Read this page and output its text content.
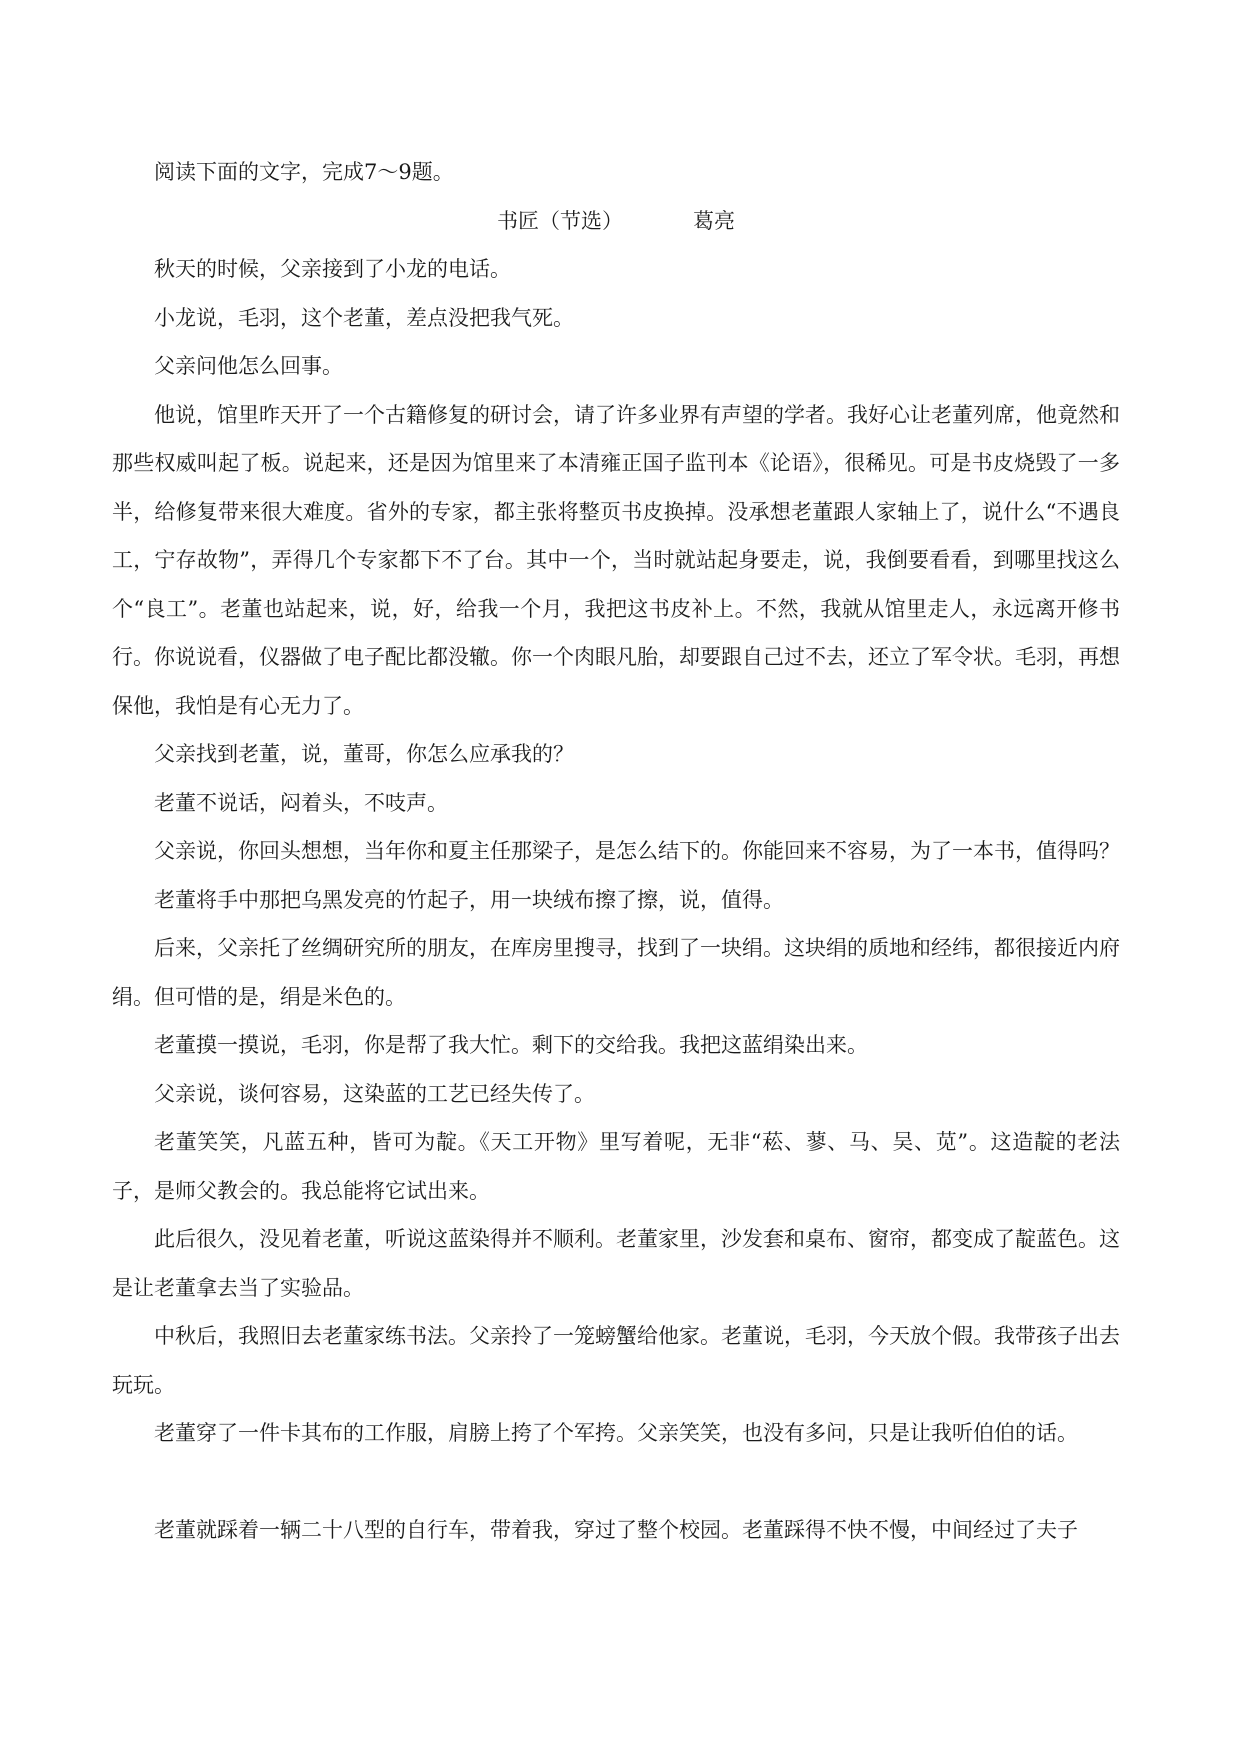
阅读下面的文字，完成7～9题。

书匠（节选）	葛亮

秋天的时候，父亲接到了小龙的电话。

小龙说，毛羽，这个老董，差点没把我气死。

父亲问他怎么回事。

他说，馆里昨天开了一个古籍修复的研讨会，请了许多业界有声望的学者。我好心让老董列席，他竟然和那些权威叫起了板。说起来，还是因为馆里来了本清雍正国子监刊本《论语》，很稀见。可是书皮烧毁了一多半，给修复带来很大难度。省外的专家，都主张将整页书皮换掉。没承想老董跟人家轴上了，说什么“不遇良工，宁存故物”，弄得几个专家都下不了台。其中一个，当时就站起身要走，说，我倒要看看，到哪里找这么个“良工”。老董也站起来，说，好，给我一个月，我把这书皮补上。不然，我就从馆里走人，永远离开修书行。你说说看，仪器做了电子配比都没辙。你一个肉眼凡胎，却要跟自己过不去，还立了军令状。毛羽，再想保他，我怕是有心无力了。

父亲找到老董，说，董哥，你怎么应承我的？

老董不说话，闷着头，不吱声。

父亲说，你回头想想，当年你和夏主任那梁子，是怎么结下的。你能回来不容易，为了一本书，值得吗？

老董将手中那把乌黑发亮的竹起子，用一块绒布擦了擦，说，值得。

后来，父亲托了丝绸研究所的朋友，在库房里搜寻，找到了一块绢。这块绢的质地和经纬，都很接近内府绢。但可惜的是，绢是米色的。

老董摸一摸说，毛羽，你是帮了我大忙。剩下的交给我。我把这蓝绢染出来。

父亲说，谈何容易，这染蓝的工艺已经失传了。

老董笑笑，凡蓝五种，皆可为靛。《天工开物》里写着呢，无非“菘、蓼、马、吴、苋”。这造靛的老法子，是师父教会的。我总能将它试出来。

此后很久，没见着老董，听说这蓝染得并不顺利。老董家里，沙发套和桌布、窗帘，都变成了靛蓝色。这是让老董拿去当了实验品。

中秋后，我照旧去老董家练书法。父亲拎了一笼螃蟹给他家。老董说，毛羽，今天放个假。我带孩子出去玩玩。

老董穿了一件卡其布的工作服，肩膀上挎了个军挎。父亲笑笑，也没有多问，只是让我听伯伯的话。

老董就踩着一辆二十八型的自行车，带着我，穿过了整个校园。老董踩得不快不慢，中间经过了夫子
